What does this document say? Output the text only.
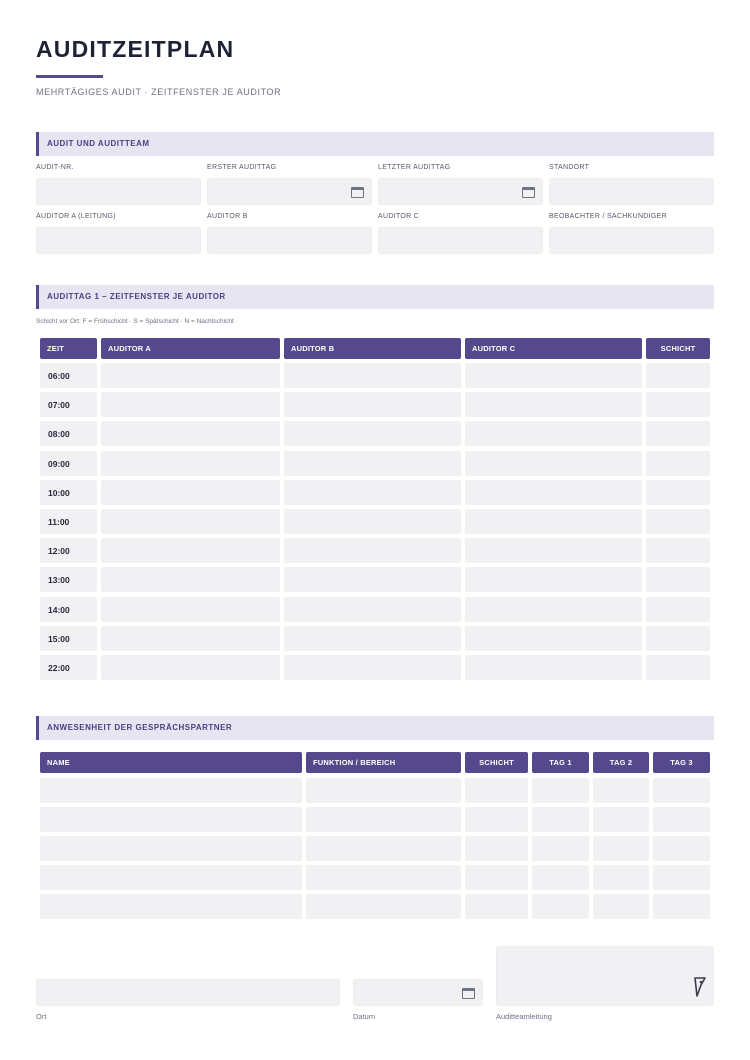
AUDITZEITPLAN
MEHRTÄGIGES AUDIT · ZEITFENSTER JE AUDITOR
AUDIT UND AUDITTEAM
AUDIT-NR.	ERSTER AUDITTAG	LETZTER AUDITTAG	STANDORT
AUDITOR A (LEITUNG)	AUDITOR B	AUDITOR C	BEOBACHTER / SACHKUNDIGER
AUDITTAG 1 – ZEITFENSTER JE AUDITOR
Schicht vor Ort: F = Frühschicht · S = Spätschicht · N = Nachtschicht
ZEIT	AUDITOR A	AUDITOR B	AUDITOR C	SCHICHT
06:00
07:00
08:00
09:00
10:00
11:00
12:00
13:00
14:00
15:00
22:00
ANWESENHEIT DER GESPRÄCHSPARTNER
NAME	FUNKTION / BEREICH	SCHICHT	TAG 1	TAG 2	TAG 3
Ort	Datum	Auditteamleitung
